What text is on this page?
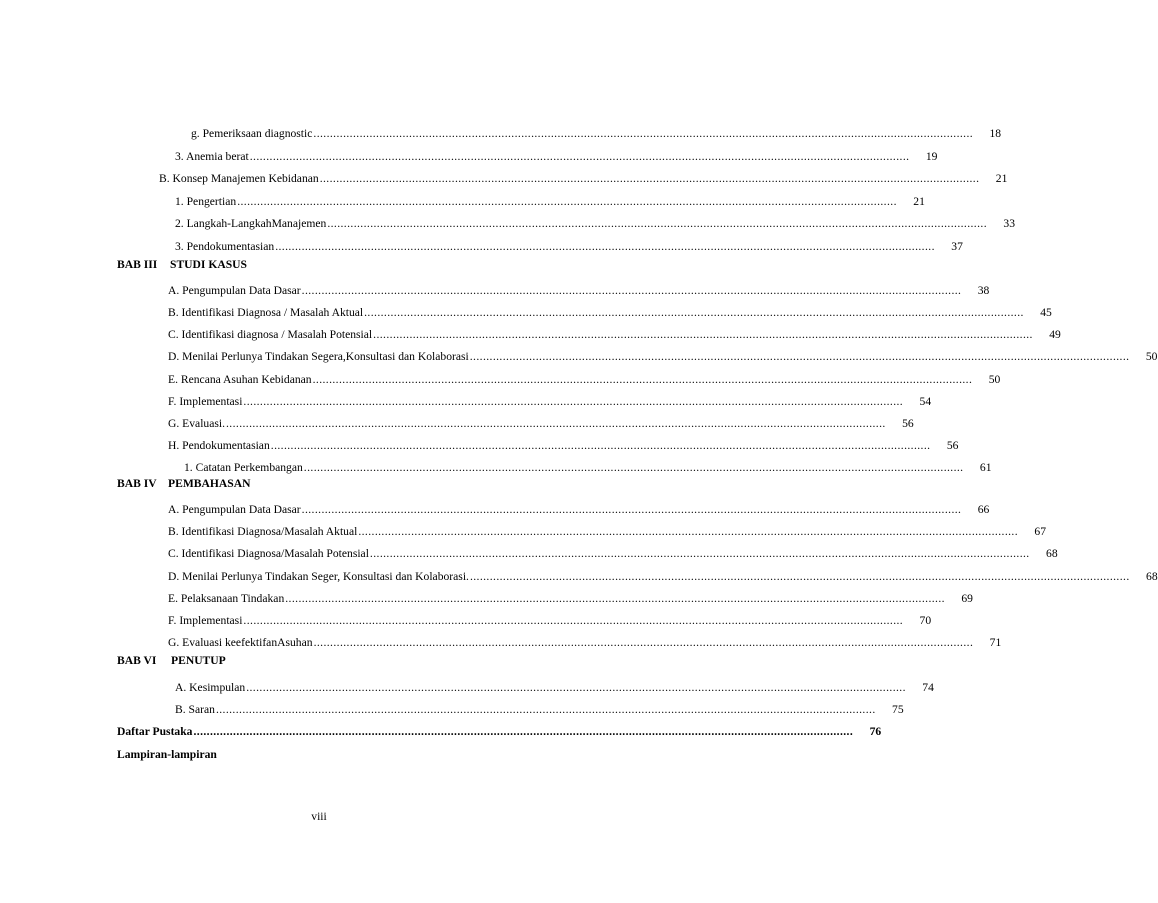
g. Pemeriksaan diagnostic ........................................................................................................................................................................................................	18
3. Anemia berat ........................................................................................................................................................................................................	19
B. Konsep Manajemen Kebidanan ........................................................................................................................................................................................................	21
1. Pengertian ........................................................................................................................................................................................................	21
2. Langkah-LangkahManajemen ........................................................................................................................................................................................................	33
3. Pendokumentasian ........................................................................................................................................................................................................	37
BAB III STUDI KASUS
A. Pengumpulan Data Dasar ........................................................................................................................................................................................................	38
B. Identifikasi Diagnosa / Masalah Aktual ........................................................................................................................................................................................................	45
C. Identifikasi diagnosa / Masalah Potensial ........................................................................................................................................................................................................	49
D. Menilai Perlunya Tindakan Segera,Konsultasi dan Kolaborasi ........................................................................................................................................................................................................	50
E. Rencana Asuhan Kebidanan ........................................................................................................................................................................................................	50
F. Implementasi ........................................................................................................................................................................................................	54
G. Evaluasi. ........................................................................................................................................................................................................	56
H. Pendokumentasian ........................................................................................................................................................................................................	56
1. Catatan Perkembangan ........................................................................................................................................................................................................	61
BAB IV PEMBAHASAN
A. Pengumpulan Data Dasar ........................................................................................................................................................................................................	66
B. Identifikasi Diagnosa/Masalah Aktual ........................................................................................................................................................................................................	67
C. Identifikasi Diagnosa/Masalah Potensial ........................................................................................................................................................................................................	68
D. Menilai Perlunya Tindakan Seger, Konsultasi dan Kolaborasi. ........................................................................................................................................................................................................	68
E. Pelaksanaan Tindakan ........................................................................................................................................................................................................	69
F. Implementasi ........................................................................................................................................................................................................	70
G. Evaluasi keefektifanAsuhan ........................................................................................................................................................................................................	71
BAB VI PENUTUP
A. Kesimpulan ........................................................................................................................................................................................................	74
B. Saran ........................................................................................................................................................................................................	75
Daftar Pustaka ........................................................................................................................................................................................................	76
Lampiran-lampiran
viii
